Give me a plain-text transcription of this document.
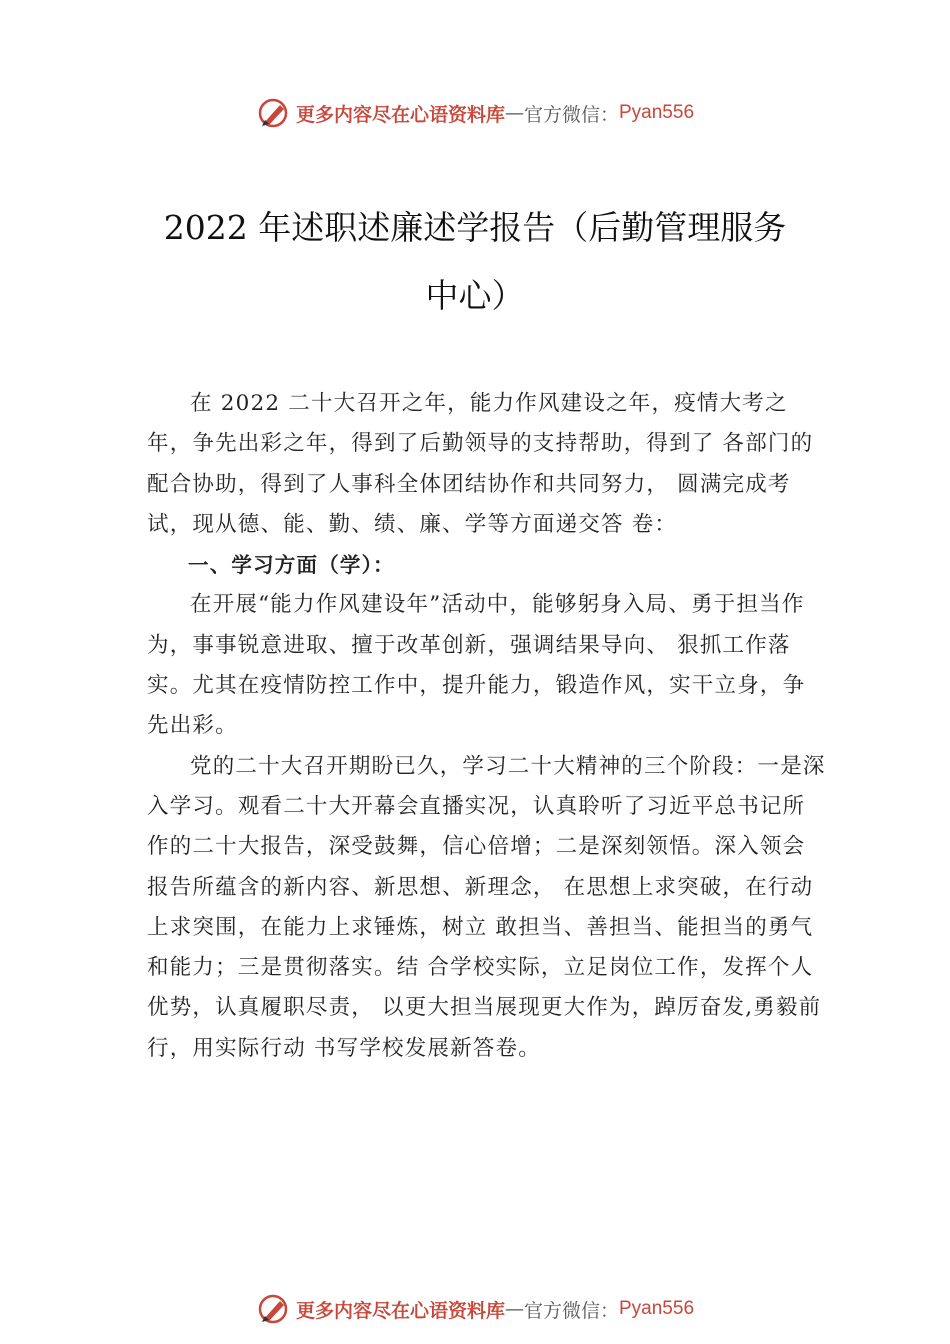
更多内容尽在心语资料库 — 官方微信： Pyan556
2022 年述职述廉述学报告（后勤管理服务
中心）

在 2022 二十大召开之年，能力作风建设之年，疫情大考之年，争先出彩之年，得到了后勤领导的支持帮助，得到了 各部门的配合协助，得到了人事科全体团结协作和共同努力， 圆满完成考试，现从德、能、勤、绩、廉、学等方面递交答 卷：

一、学习方面（学）：

在开展“能力作风建设年”活动中，能够躬身入局、勇于担当作为，事事锐意进取、擅于改革创新，强调结果导向、 狠抓工作落实。尤其在疫情防控工作中，提升能力，锻造作风，实干立身，争先出彩。

党的二十大召开期盼已久，学习二十大精神的三个阶段：一是深入学习。观看二十大开幕会直播实况，认真聆听了习近平总书记所作的二十大报告，深受鼓舞，信心倍增；二是深刻领悟。深入领会报告所蕴含的新内容、新思想、新理念， 在思想上求突破，在行动上求突围，在能力上求锤炼，树立 敢担当、善担当、能担当的勇气和能力；三是贯彻落实。结 合学校实际，立足岗位工作，发挥个人优势，认真履职尽责， 以更大担当展现更大作为，踔厉奋发,勇毅前行，用实际行动 书写学校发展新答卷。

更多内容尽在心语资料库 — 官方微信： Pyan556
